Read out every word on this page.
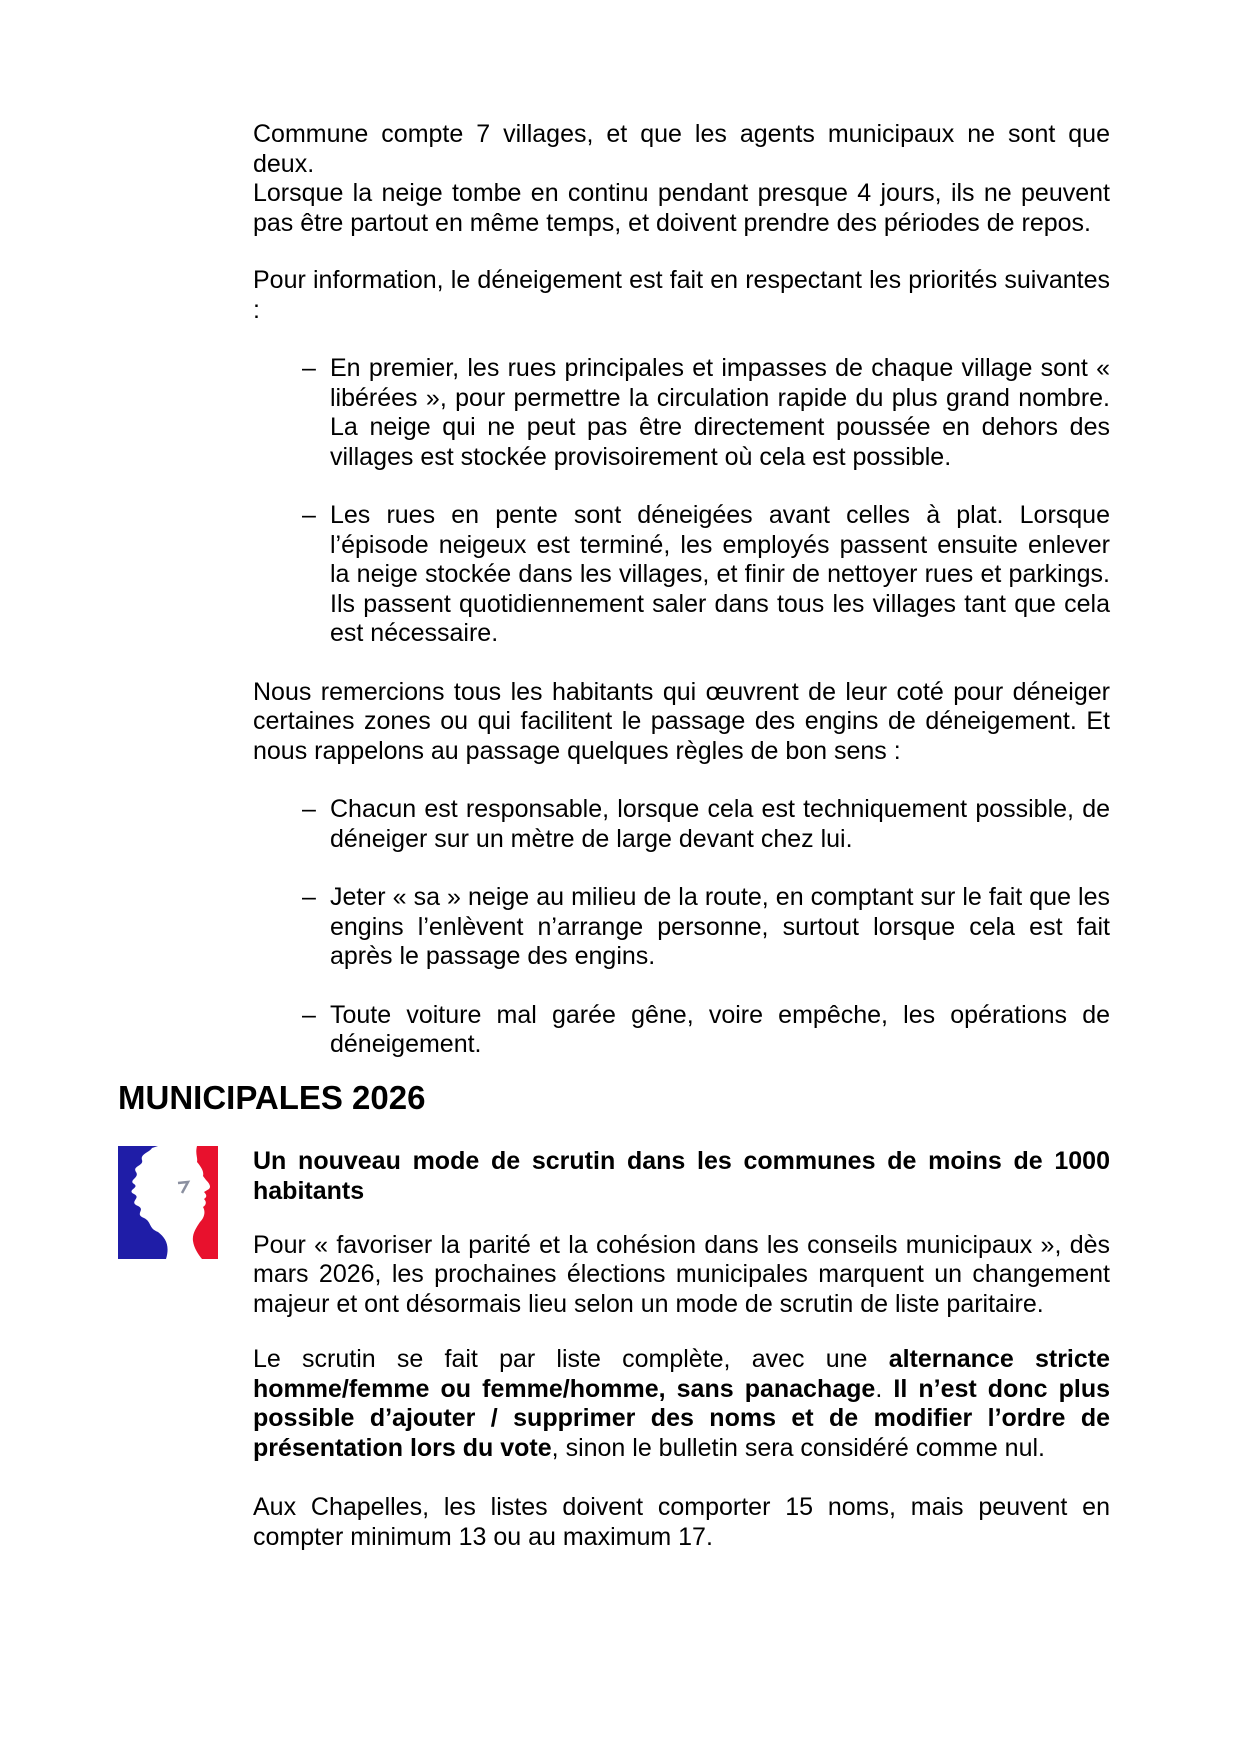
Commune compte 7 villages, et que les agents municipaux ne sont que deux.

Lorsque la neige tombe en continu pendant presque 4 jours, ils ne peuvent pas être partout en même temps, et doivent prendre des périodes de repos.

Pour information, le déneigement est fait en respectant les priorités suivantes :

– En premier, les rues principales et impasses de chaque village sont « libérées », pour permettre la circulation rapide du plus grand nombre. La neige qui ne peut pas être directement poussée en dehors des villages est stockée provisoirement où cela est possible.
– Les rues en pente sont déneigées avant celles à plat. Lorsque l’épisode neigeux est terminé, les employés passent ensuite enlever la neige stockée dans les villages, et finir de nettoyer rues et parkings. Ils passent quotidiennement saler dans tous les villages tant que cela est nécessaire.

Nous remercions tous les habitants qui œuvrent de leur coté pour déneiger certaines zones ou qui facilitent le passage des engins de déneigement. Et nous rappelons au passage quelques règles de bon sens :

– Chacun est responsable, lorsque cela est techniquement possible, de déneiger sur un mètre de large devant chez lui.
– Jeter « sa » neige au milieu de la route, en comptant sur le fait que les engins l’enlèvent n’arrange personne, surtout lorsque cela est fait après le passage des engins.
– Toute voiture mal garée gêne, voire empêche, les opérations de déneigement.
MUNICIPALES 2026

Un nouveau mode de scrutin dans les communes de moins de 1000 habitants

Pour « favoriser la parité et la cohésion dans les conseils municipaux », dès mars 2026, les prochaines élections municipales marquent un changement majeur et ont désormais lieu selon un mode de scrutin de liste paritaire.

Le scrutin se fait par liste complète, avec une alternance stricte homme/femme ou femme/homme, sans panachage. Il n’est donc plus possible d’ajouter / supprimer des noms et de modifier l’ordre de présentation lors du vote, sinon le bulletin sera considéré comme nul.

Aux Chapelles, les listes doivent comporter 15 noms, mais peuvent en compter minimum 13 ou au maximum 17.
